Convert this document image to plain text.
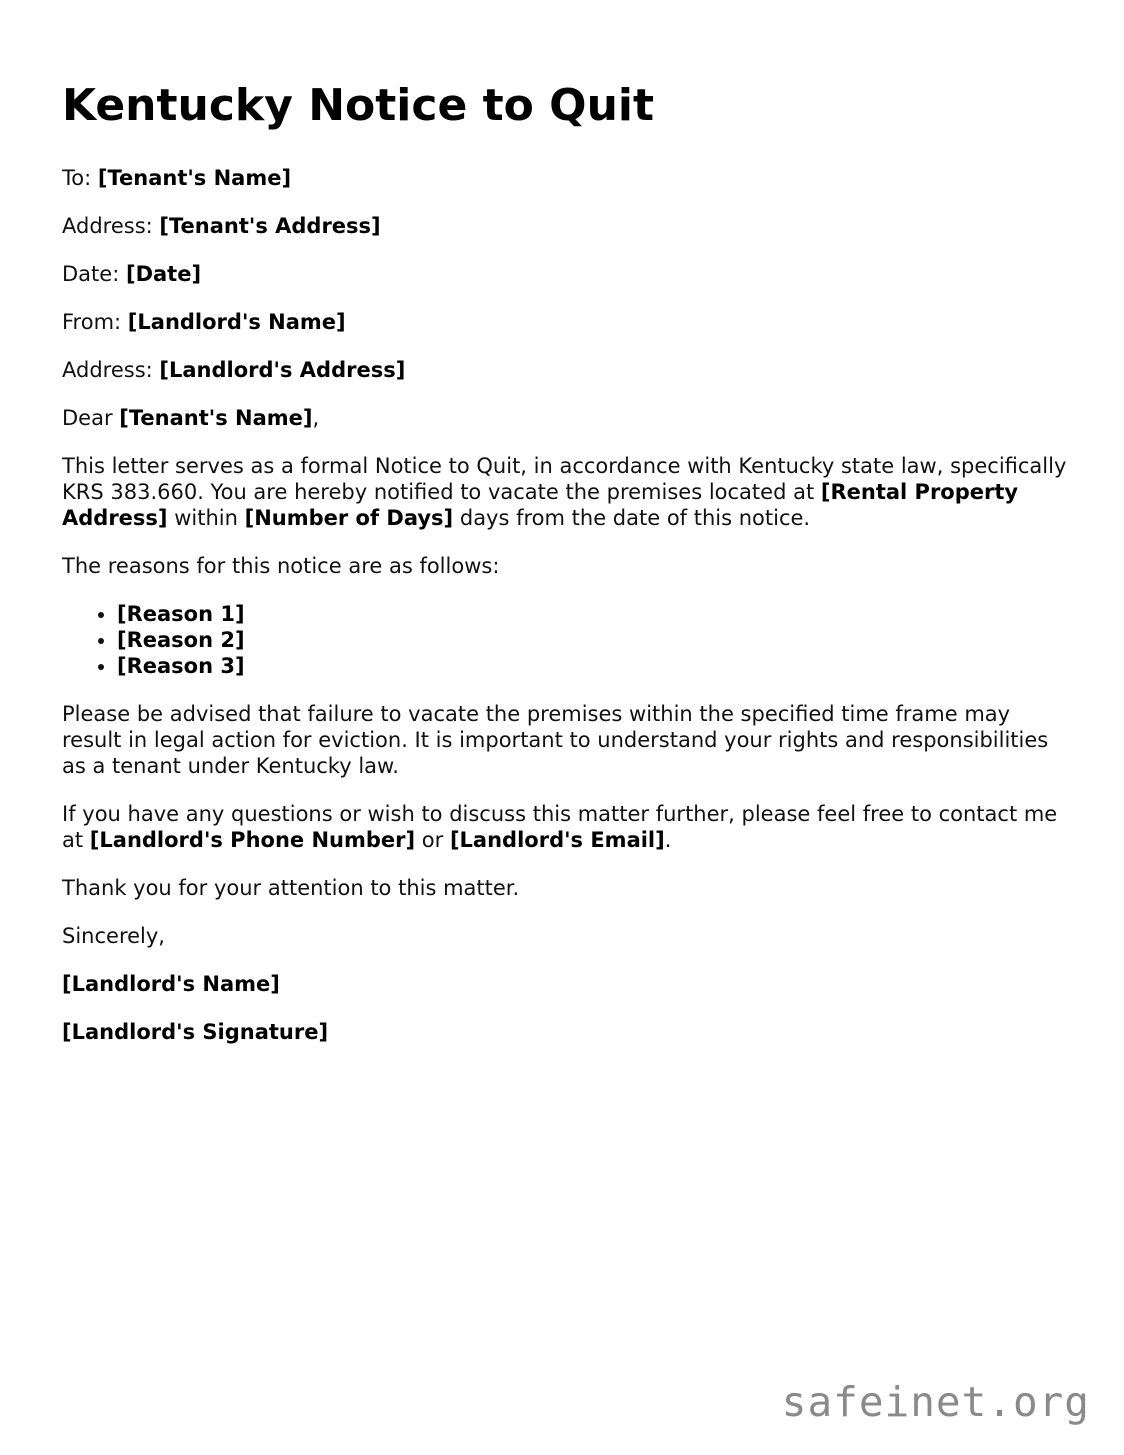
Kentucky Notice to Quit

To: [Tenant's Name]

Address: [Tenant's Address]

Date: [Date]

From: [Landlord's Name]

Address: [Landlord's Address]

Dear [Tenant's Name],

This letter serves as a formal Notice to Quit, in accordance with Kentucky state law, specifically KRS 383.660. You are hereby notified to vacate the premises located at [Rental Property Address] within [Number of Days] days from the date of this notice.

The reasons for this notice are as follows:

• [Reason 1]
• [Reason 2]
• [Reason 3]

Please be advised that failure to vacate the premises within the specified time frame may result in legal action for eviction. It is important to understand your rights and responsibilities as a tenant under Kentucky law.

If you have any questions or wish to discuss this matter further, please feel free to contact me at [Landlord's Phone Number] or [Landlord's Email].

Thank you for your attention to this matter.

Sincerely,

[Landlord's Name]

[Landlord's Signature]

safeinet.org
